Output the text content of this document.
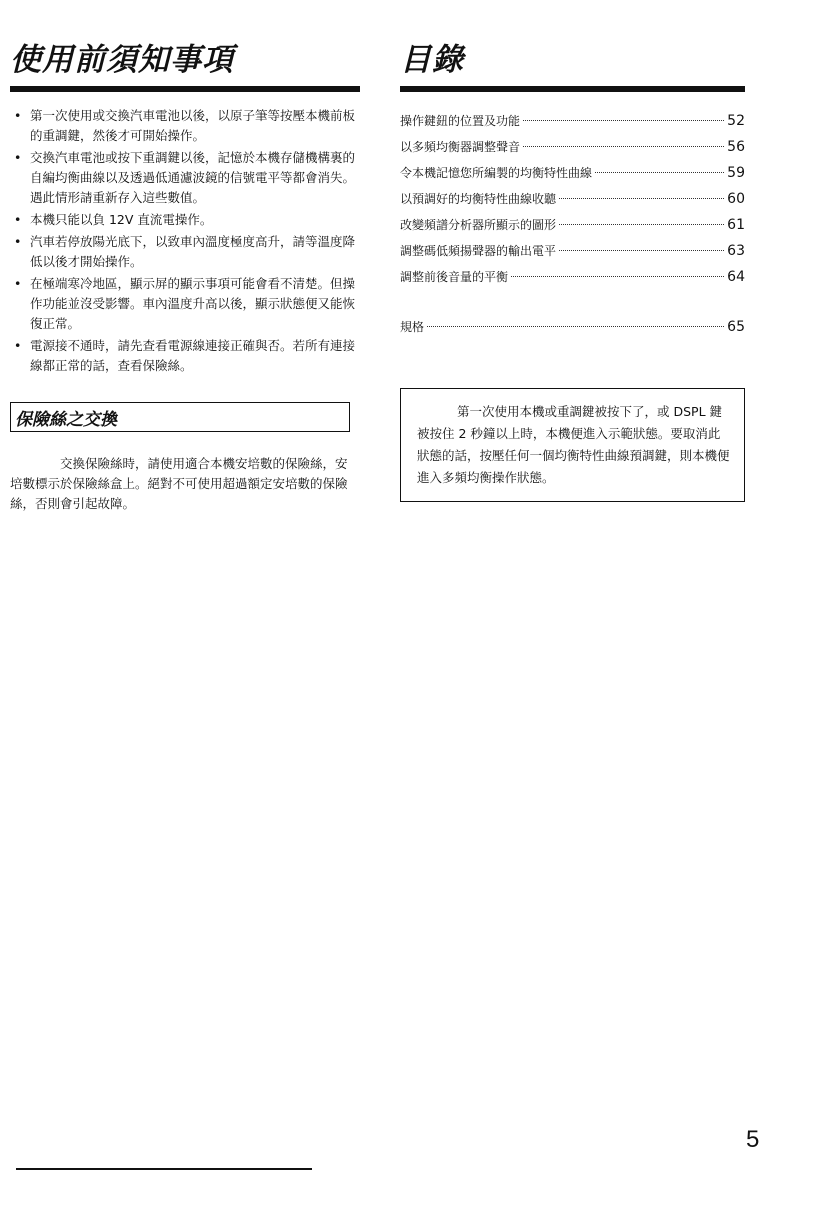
使用前須知事項
• 第一次使用或交換汽車電池以後，以原子筆等按壓本機前板的重調鍵，然後才可開始操作。
• 交換汽車電池或按下重調鍵以後，記憶於本機存儲機構裏的自編均衡曲線以及透過低通濾波鏡的信號電平等都會消失。遇此情形請重新存入這些數值。
• 本機只能以負 12V 直流電操作。
• 汽車若停放陽光底下，以致車內溫度極度高升，請等溫度降低以後才開始操作。
• 在極端寒冷地區，顯示屏的顯示事項可能會看不清楚。但操作功能並沒受影響。車內溫度升高以後，顯示狀態便又能恢復正常。
• 電源接不通時，請先查看電源線連接正確與否。若所有連接線都正常的話，查看保險絲。
保險絲之交換

交換保險絲時，請使用適合本機安培數的保險絲，安培數標示於保險絲盒上。絕對不可使用超過額定安培數的保險絲，否則會引起故障。

目錄
操作鍵鈕的位置及功能	52
以多頻均衡器調整聲音	56
令本機記憶您所編製的均衡特性曲線	59
以預調好的均衡特性曲線收聽	60
改變頻譜分析器所顯示的圖形	61
調整碼低頻揚聲器的輸出電平	63
調整前後音量的平衡	64
規格	65
第一次使用本機或重調鍵被按下了，或 DSPL 鍵被按住 2 秒鐘以上時，本機便進入示範狀態。要取消此狀態的話，按壓任何一個均衡特性曲線預調鍵，則本機便進入多頻均衡操作狀態。
5
